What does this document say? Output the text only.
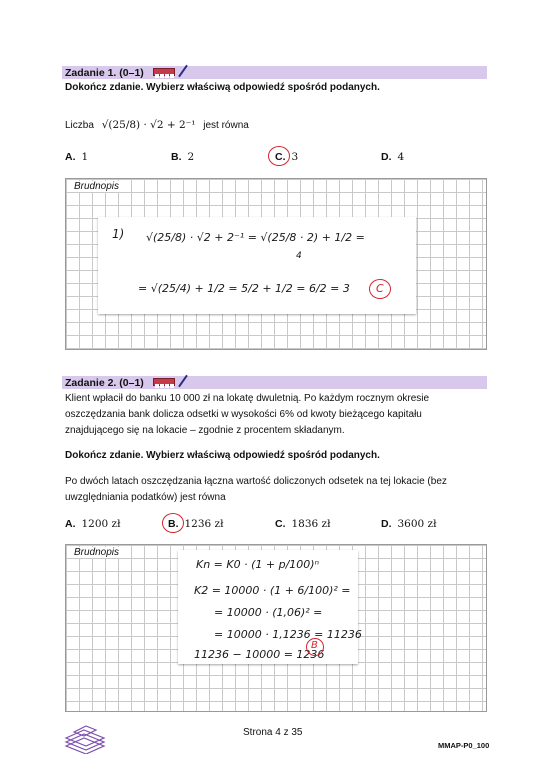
Zadanie 1. (0–1)
Dokończ zdanie. Wybierz właściwą odpowiedź spośród podanych.
Liczba √(25/8) · √2 + 2⁻¹ jest równa
A. 1	B. 2	C. 3	D. 4
Brudnopis
1) √(25/8) · √2 + 2⁻¹ = √(25/8 · 2) + 1/2 =
4
= √(25/4) + 1/2 = 5/2 + 1/2 = 6/2 = 3 C
Zadanie 2. (0–1)
Klient wpłacił do banku 10 000 zł na lokatę dwuletnią. Po każdym rocznym okresie
oszczędzania bank dolicza odsetki w wysokości 6% od kwoty bieżącego kapitału
znajdującego się na lokacie – zgodnie z procentem składanym.
Dokończ zdanie. Wybierz właściwą odpowiedź spośród podanych.
Po dwóch latach oszczędzania łączna wartość doliczonych odsetek na tej lokacie (bez
uwzględniania podatków) jest równa
A. 1200 zł	B. 1236 zł	C. 1836 zł	D. 3600 zł
Brudnopis
Kn = K0 · (1 + p/100)ⁿ
K2 = 10000 · (1 + 6/100)² =
= 10000 · (1,06)² =
= 10000 · 1,1236 = 11236
11236 − 10000 = 1236
B
Strona 4 z 35
MMAP-P0_100
